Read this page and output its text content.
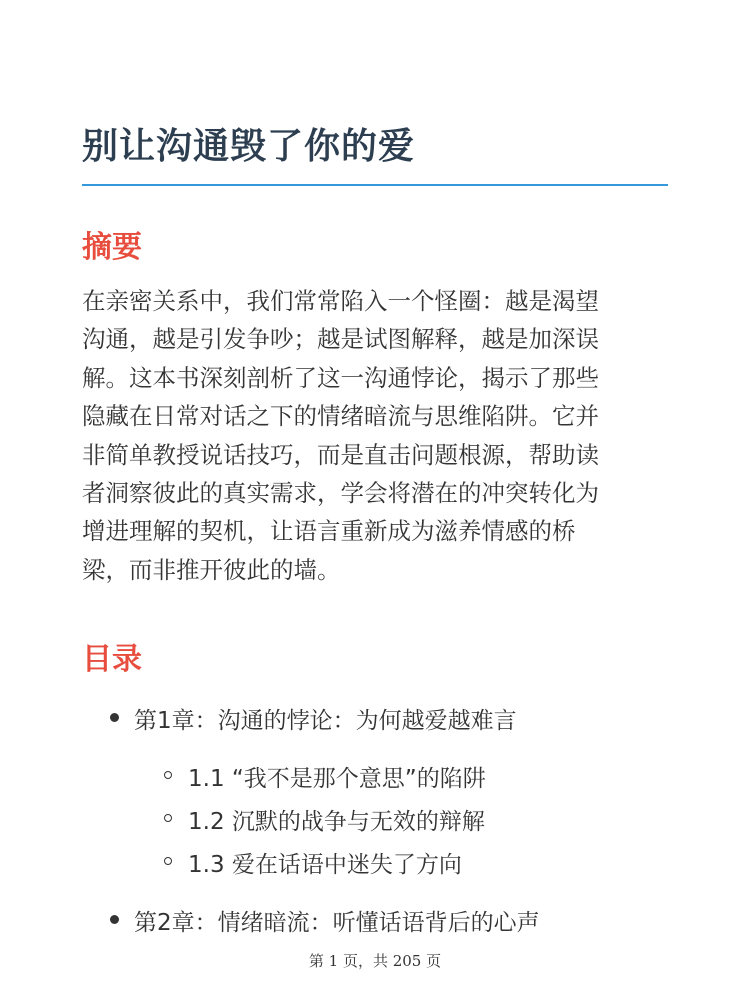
别让沟通毁了你的爱
摘要
在亲密关系中，我们常常陷入一个怪圈：越是渴望
沟通，越是引发争吵；越是试图解释，越是加深误
解。这本书深刻剖析了这一沟通悖论，揭示了那些
隐藏在日常对话之下的情绪暗流与思维陷阱。它并
非简单教授说话技巧，而是直击问题根源，帮助读
者洞察彼此的真实需求，学会将潜在的冲突转化为
增进理解的契机，让语言重新成为滋养情感的桥
梁，而非推开彼此的墙。
目录
第1章：沟通的悖论：为何越爱越难言
1.1 “我不是那个意思”的陷阱
1.2 沉默的战争与无效的辩解
1.3 爱在话语中迷失了方向
第2章：情绪暗流：听懂话语背后的心声
第 1 页，共 205 页
